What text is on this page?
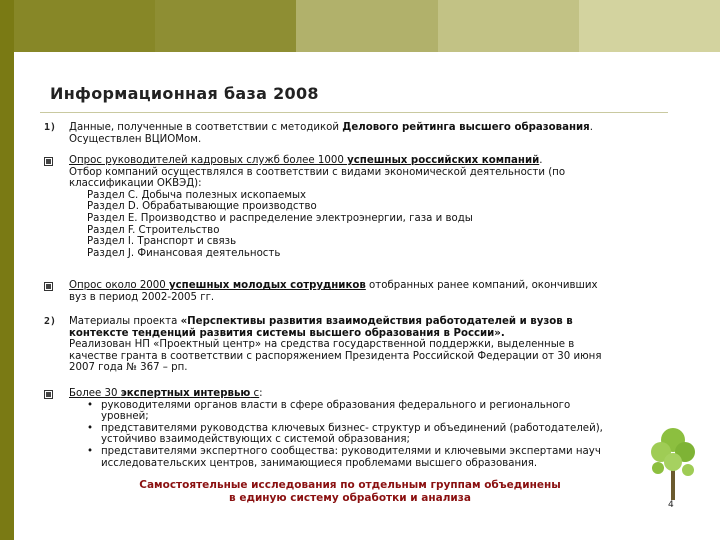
Информационная база 2008
1) Данные, полученные в соответствии с методикой Делового рейтинга высшего образования.
Осуществлен ВЦИОМом.
Опрос руководителей кадровых служб более 1000 успешных российских компаний.
Отбор компаний осуществлялся в соответствии с видами экономической деятельности (по
классификации ОКВЭД):
Раздел С. Добыча полезных ископаемых
Раздел D. Обрабатывающие производство
Раздел Е. Производство и распределение электроэнергии, газа и воды
Раздел F. Строительство
Раздел I. Транспорт и связь
Раздел J. Финансовая деятельность
Опрос около 2000 успешных молодых сотрудников отобранных ранее компаний, окончивших
вуз в период 2002-2005 гг.
2) Материалы проекта «Перспективы развития взаимодействия работодателей и вузов в
контексте тенденций развития системы высшего образования в России».
Реализован НП «Проектный центр» на средства государственной поддержки, выделенные в
качестве гранта в соответствии с распоряжением Президента Российской Федерации от 30 июня
2007 года № 367 – рп.
Более 30 экспертных интервью с:
• руководителями органов власти в сфере образования федерального и регионального
уровней;
• представителями руководства ключевых бизнес- структур и объединений (работодателей),
устойчиво взаимодействующих с системой образования;
• представителями экспертного сообщества: руководителями и ключевыми экспертами науч
исследовательских центров, занимающиеся проблемами высшего образования.
Самостоятельные исследования по отдельным группам объединены
в единую систему обработки и анализа
4
